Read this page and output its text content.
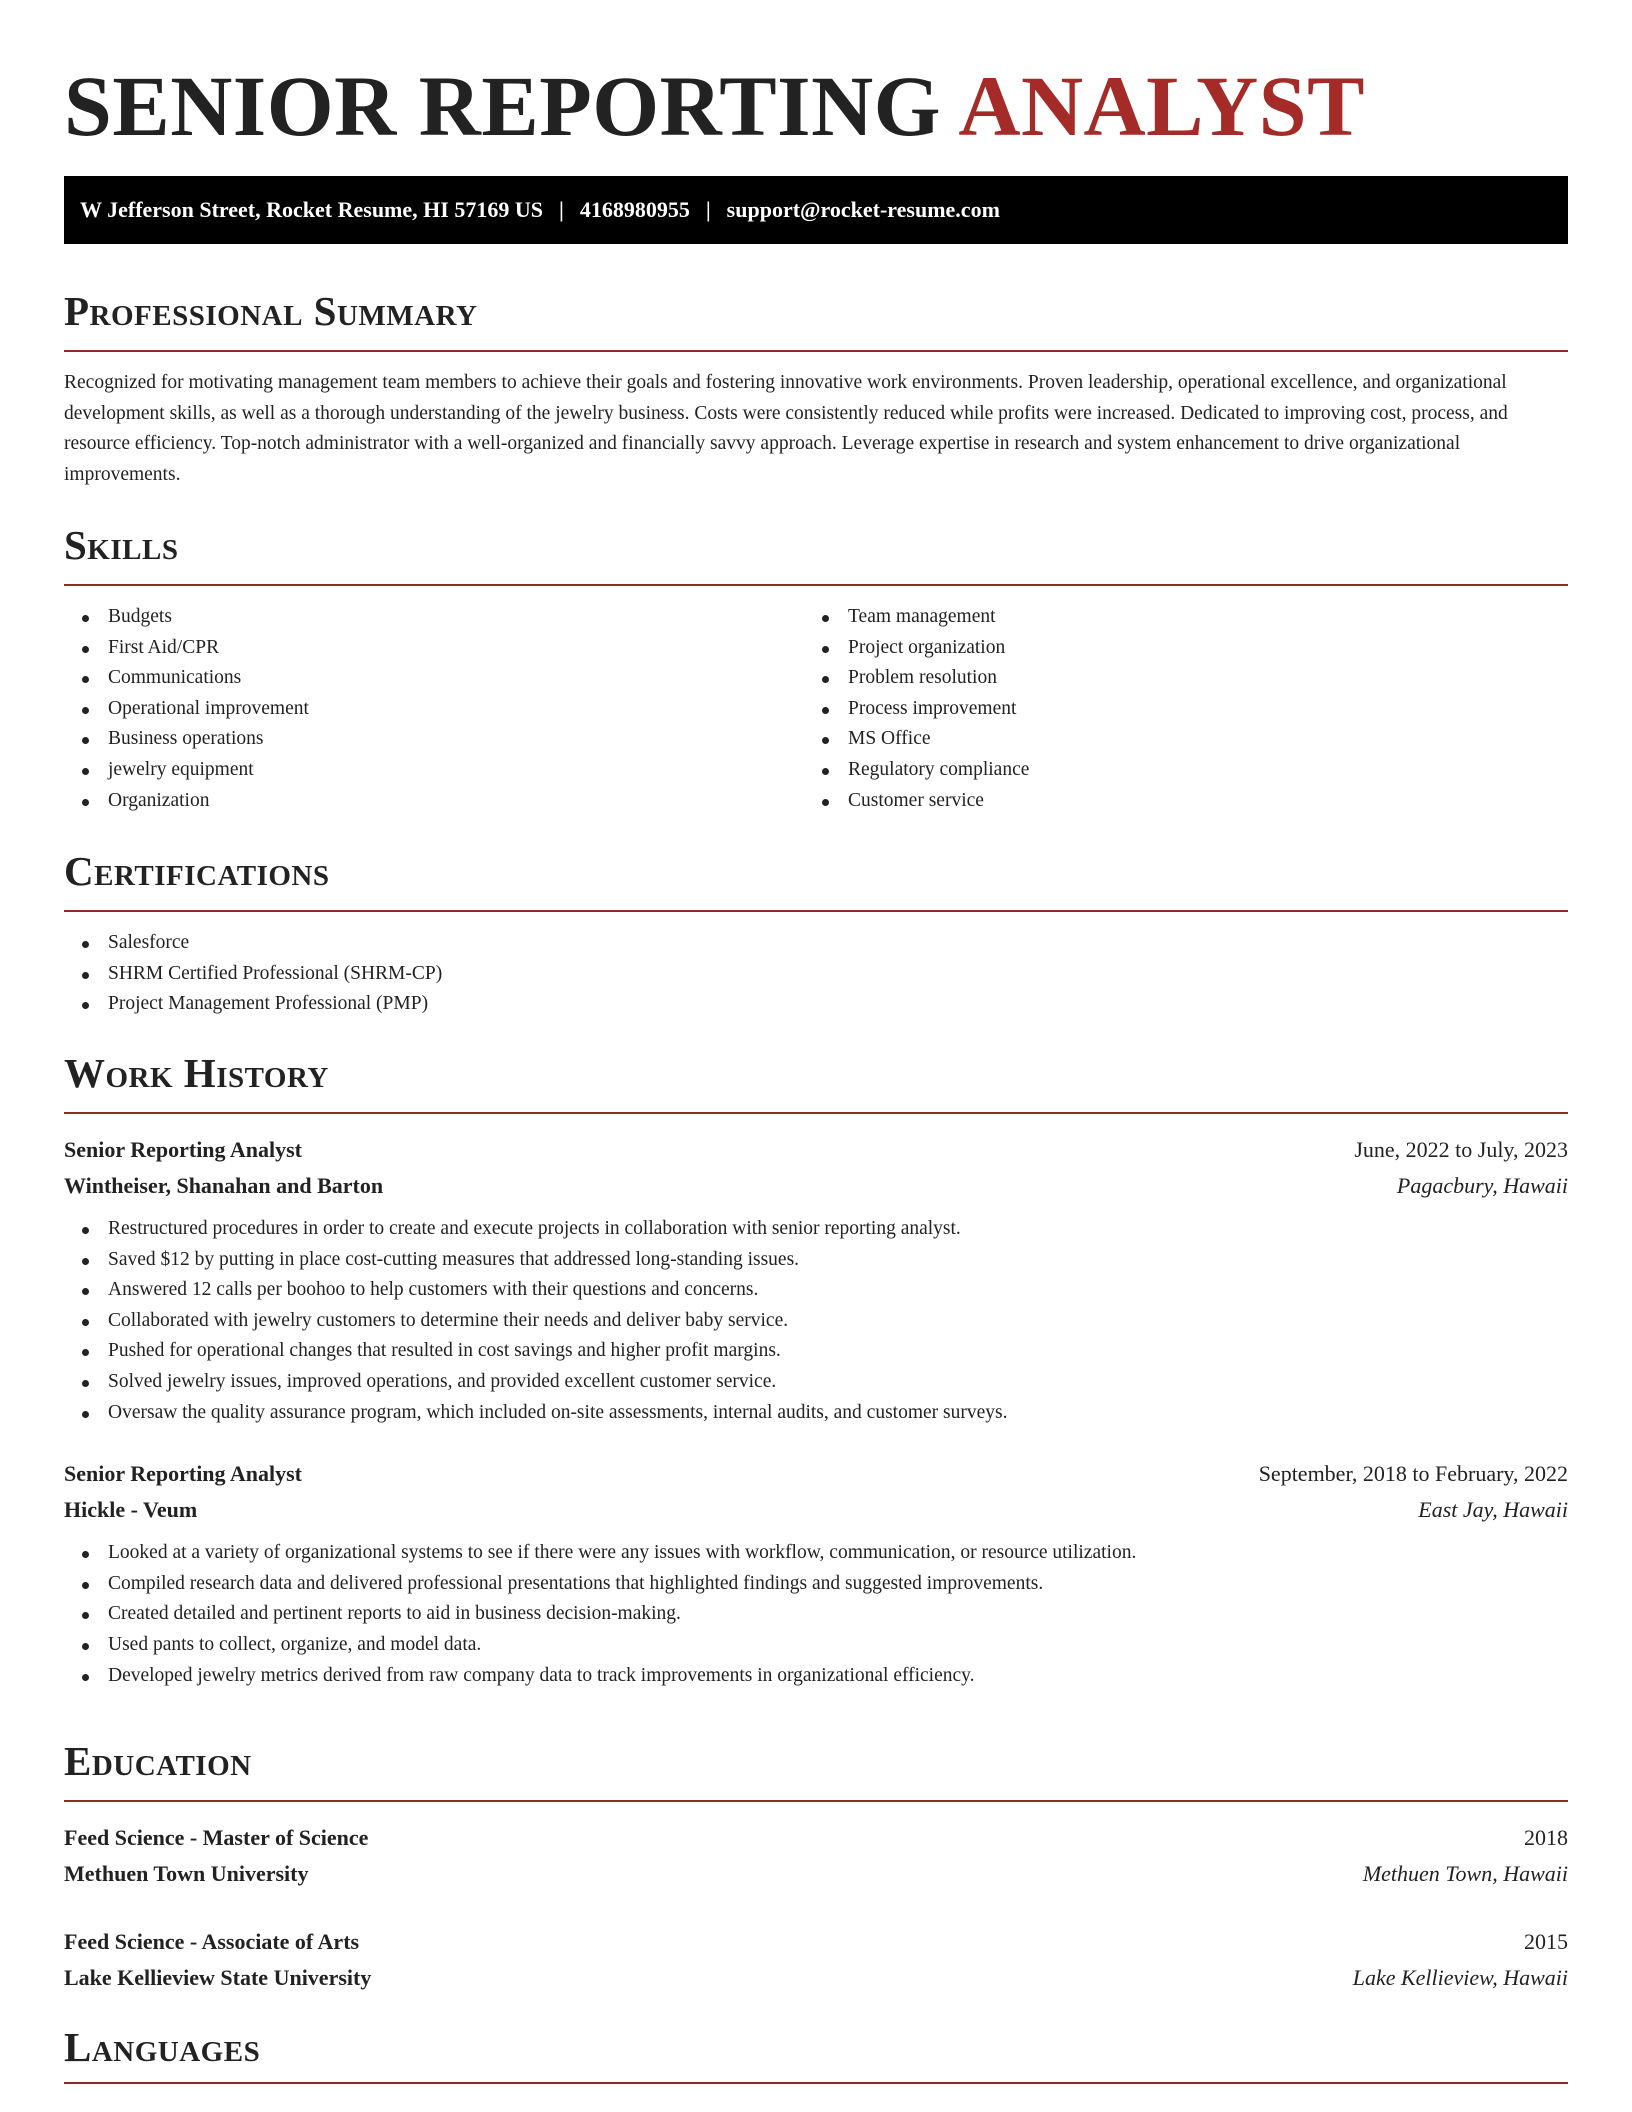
SENIOR REPORTING ANALYST
W Jefferson Street, Rocket Resume, HI 57169 US | 4168980955 | support@rocket-resume.com
Professional Summary

Recognized for motivating management team members to achieve their goals and fostering innovative work environments. Proven leadership, operational excellence, and organizational development skills, as well as a thorough understanding of the jewelry business. Costs were consistently reduced while profits were increased. Dedicated to improving cost, process, and resource efficiency. Top-notch administrator with a well-organized and financially savvy approach. Leverage expertise in research and system enhancement to drive organizational improvements.

Skills
Budgets
First Aid/CPR
Communications
Operational improvement
Business operations
jewelry equipment
Organization
Team management
Project organization
Problem resolution
Process improvement
MS Office
Regulatory compliance
Customer service
Certifications
Salesforce
SHRM Certified Professional (SHRM-CP)
Project Management Professional (PMP)
Work History
Senior Reporting Analyst	June, 2022 to July, 2023
Wintheiser, Shanahan and Barton	Pagacbury, Hawaii
Restructured procedures in order to create and execute projects in collaboration with senior reporting analyst.
Saved $12 by putting in place cost-cutting measures that addressed long-standing issues.
Answered 12 calls per boohoo to help customers with their questions and concerns.
Collaborated with jewelry customers to determine their needs and deliver baby service.
Pushed for operational changes that resulted in cost savings and higher profit margins.
Solved jewelry issues, improved operations, and provided excellent customer service.
Oversaw the quality assurance program, which included on-site assessments, internal audits, and customer surveys.
Senior Reporting Analyst	September, 2018 to February, 2022
Hickle - Veum	East Jay, Hawaii
Looked at a variety of organizational systems to see if there were any issues with workflow, communication, or resource utilization.
Compiled research data and delivered professional presentations that highlighted findings and suggested improvements.
Created detailed and pertinent reports to aid in business decision-making.
Used pants to collect, organize, and model data.
Developed jewelry metrics derived from raw company data to track improvements in organizational efficiency.
Education
Feed Science - Master of Science	2018
Methuen Town University	Methuen Town, Hawaii
Feed Science - Associate of Arts	2015
Lake Kellieview State University	Lake Kellieview, Hawaii
Languages
